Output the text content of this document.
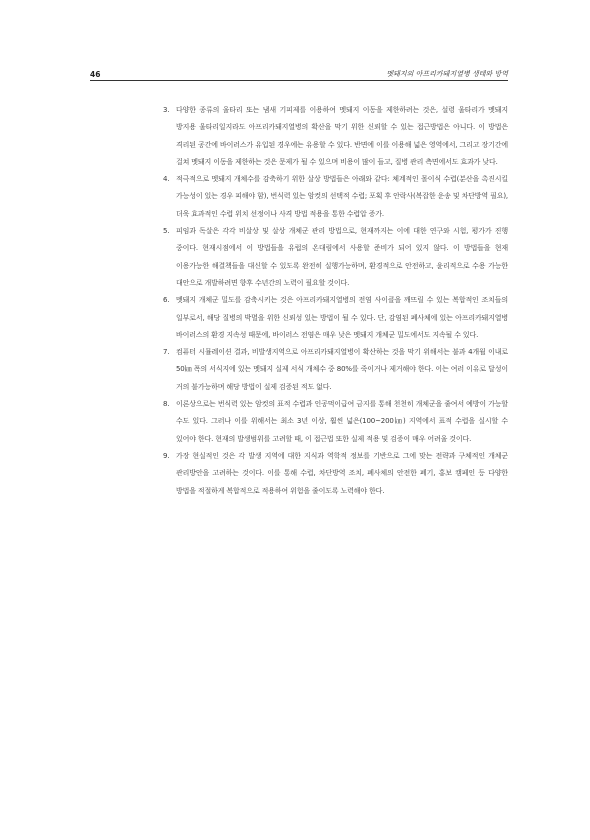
46	멧돼지의 아프리카돼지열병 생태와 방역
3. 다양한 종류의 울타리 또는 냄새 기피제를 이용하여 멧돼지 이동을 제한하려는 것은, 설령 울타리가 멧돼지 방지용 울타리일지라도 아프리카돼지열병의 확산을 막기 위한 신뢰할 수 있는 접근방법은 아니다. 이 방법은 격리된 공간에 바이러스가 유입된 경우에는 유용할 수 있다. 반면에 이를 이용해 넓은 영역에서, 그리고 장기간에 걸쳐 멧돼지 이동을 제한하는 것은 문제가 될 수 있으며 비용이 많이 들고, 질병 관리 측면에서도 효과가 낮다.
4. 적극적으로 멧돼지 개체수를 감축하기 위한 살상 방법들은 아래와 같다: 체계적인 몰이식 수렵(분산을 촉진시킬 가능성이 있는 경우 피해야 함), 번식력 있는 암컷의 선택적 수렵; 포획 후 안락사(복잡한 운송 및 차단방역 필요), 더욱 효과적인 수렵 위치 선정이나 사격 방법 적용을 통한 수렵압 증가.
5. 피임과 독살은 각각 비살상 및 살상 개체군 관리 방법으로, 현재까지는 이에 대한 연구와 시험, 평가가 진행 중이다. 현재시점에서 이 방법들을 유럽의 온대림에서 사용할 준비가 되어 있지 않다. 이 방법들을 현재 이용가능한 해결책들을 대신할 수 있도록 완전히 실행가능하며, 환경적으로 안전하고, 윤리적으로 수용 가능한 대안으로 개발하려면 향후 수년간의 노력이 필요할 것이다.
6. 멧돼지 개체군 밀도를 감축시키는 것은 아프리카돼지열병의 전염 사이클을 깨뜨릴 수 있는 복합적인 조치들의 일부로서, 해당 질병의 박멸을 위한 신뢰성 있는 방법이 될 수 있다. 단, 감염된 폐사체에 있는 아프리카돼지열병 바이러스의 환경 지속성 때문에, 바이러스 전염은 매우 낮은 멧돼지 개체군 밀도에서도 지속될 수 있다.
7. 컴퓨터 시뮬레이션 결과, 비발생지역으로 아프리카돼지열병이 확산하는 것을 막기 위해서는 불과 4개월 이내로 50㎞ 폭의 서식지에 있는 멧돼지 실제 서식 개체수 중 80%를 죽이거나 제거해야 한다. 이는 여러 이유로 달성이 거의 불가능하며 해당 방법이 실제 검증된 적도 없다.
8. 이론상으로는 번식력 있는 암컷의 표적 수렵과 인공먹이급여 금지를 통해 천천히 개체군을 줄여서 예방이 가능할 수도 있다. 그러나 이를 위해서는 최소 3년 이상, 훨씬 넓은(100~200㎞) 지역에서 표적 수렵을 실시할 수 있어야 한다. 현재의 발생범위를 고려할 때, 이 접근법 또한 실제 적용 및 검증이 매우 어려울 것이다.
9. 가장 현실적인 것은 각 발생 지역에 대한 지식과 역학적 정보를 기반으로 그에 맞는 전략과 구체적인 개체군 관리방안을 고려하는 것이다. 이를 통해 수렵, 차단방역 조치, 폐사체의 안전한 폐기, 홍보 캠페인 등 다양한 방법을 적절하게 복합적으로 적용하여 위험을 줄이도록 노력해야 한다.
